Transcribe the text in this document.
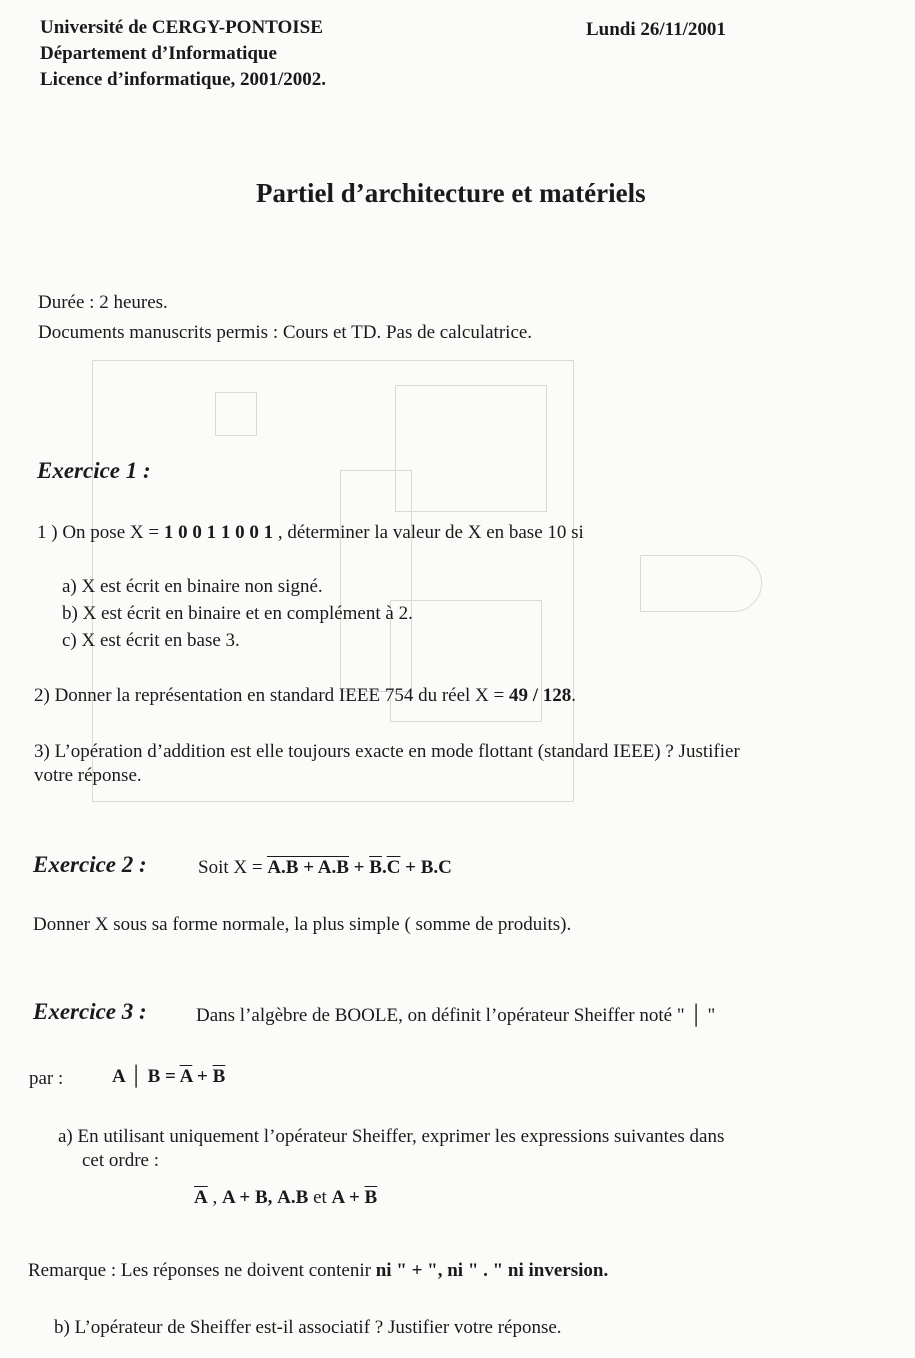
Université de CERGY-PONTOISE	Lundi 26/11/2001
Département d’Informatique
Licence d’informatique, 2001/2002.
Partiel d’architecture et matériels
Durée : 2 heures.
Documents manuscrits permis : Cours et TD. Pas de calculatrice.
Exercice 1 :
1 ) On pose X = 1 0 0 1 1 0 0 1 , déterminer la valeur de X en base 10 si
a) X est écrit en binaire non signé.
b) X est écrit en binaire et en complément à 2.
c) X est écrit en base 3.
2) Donner la représentation en standard IEEE 754 du réel X = 49 / 128.
3) L’opération d’addition est elle toujours exacte en mode flottant (standard IEEE) ? Justifier
votre réponse.
Exercice 2 :	Soit $X = \overline{A}.\overline{B} + A.B + \overline{B}.\overline{C} + B.C$
Donner X sous sa forme normale, la plus simple ( somme de produits).
Exercice 3 :	Dans l’algèbre de BOOLE, on définit l’opérateur Sheiffer noté " │ "
par :	A │ $B = \overline{A} + \overline{B}$
a) En utilisant uniquement l’opérateur Sheiffer, exprimer les expressions suivantes dans
cet ordre :
$\overline{A}$ , A + B, A.B et $A + \overline{B}$
Remarque : Les réponses ne doivent contenir ni " + ", ni " . " ni inversion.
b) L’opérateur de Sheiffer est-il associatif ? Justifier votre réponse.
